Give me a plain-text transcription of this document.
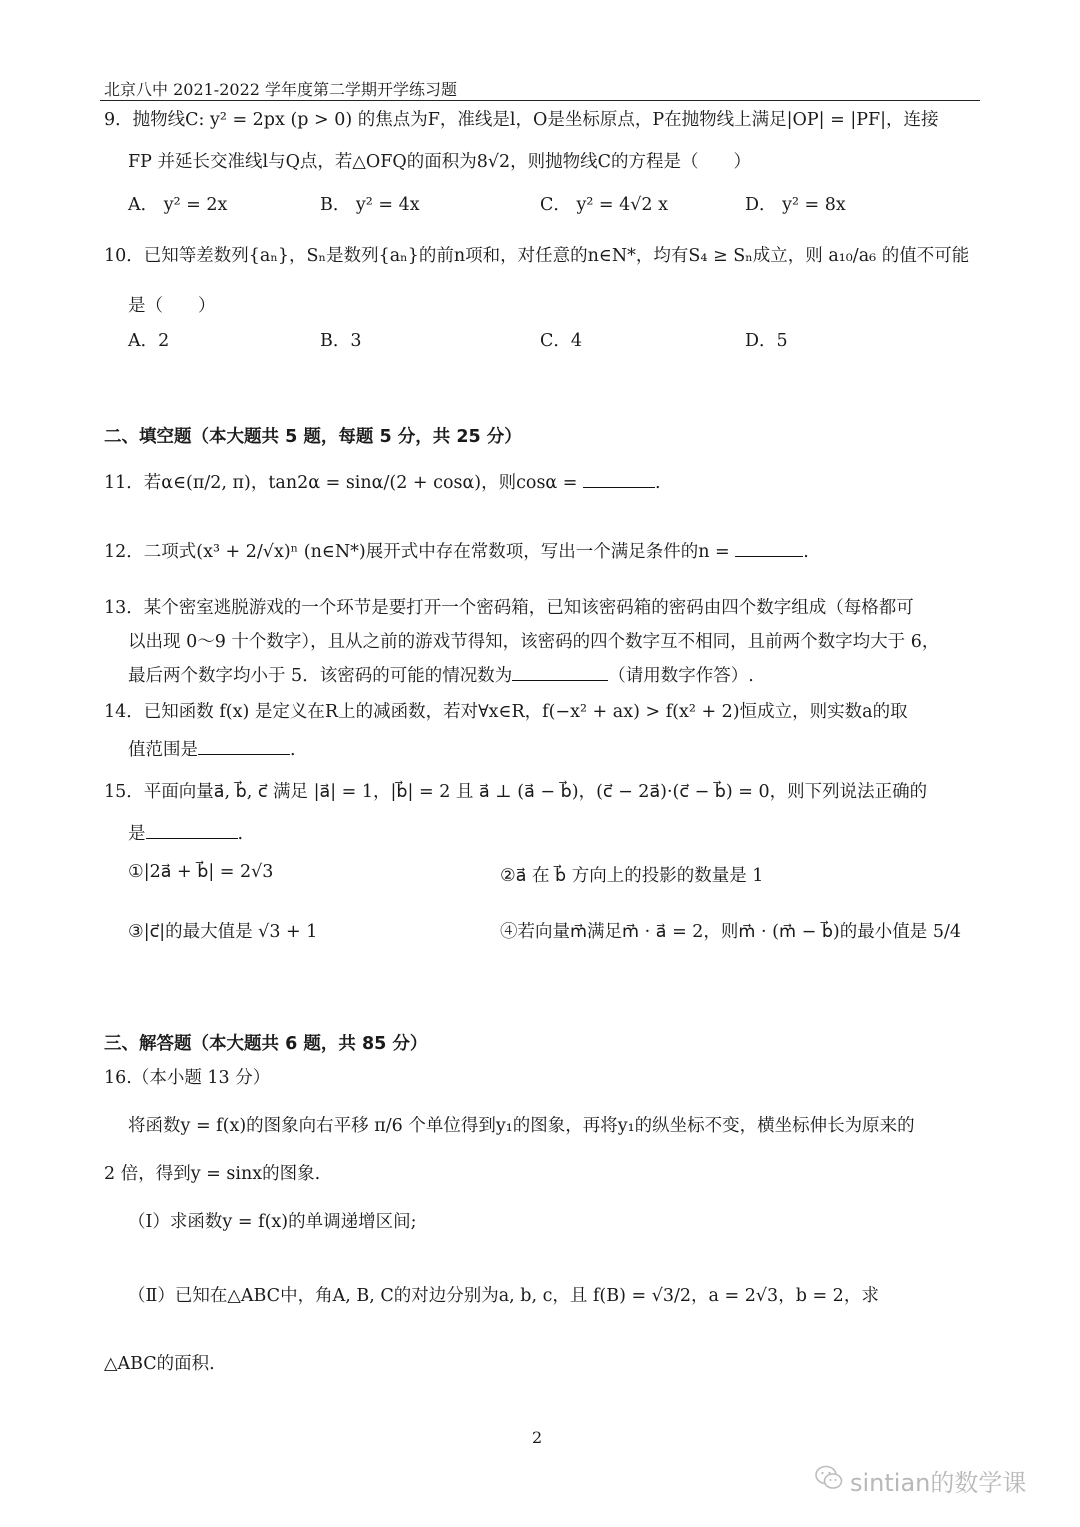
北京八中 2021-2022 学年度第二学期开学练习题
9．抛物线C: y² = 2px (p > 0) 的焦点为F，准线是l，O是坐标原点，P在抛物线上满足|OP| = |PF|，连接
FP 并延长交准线l与Q点，若△OFQ的面积为8√2，则抛物线C的方程是（　　）
A． y² = 2x	B． y² = 4x	C． y² = 4√2 x	D． y² = 8x
10．已知等差数列{aₙ}，Sₙ是数列{aₙ}的前n项和，对任意的n∈N*，均有S₄ ≥ Sₙ成立，则 a₁₀/a₆ 的值不可能
是（　　）
A．2	B．3	C．4	D．5
二、填空题（本大题共 5 题，每题 5 分，共 25 分）
11．若α∈(π/2, π)，tan2α = sinα/(2 + cosα)，则cosα =	.
12．二项式(x³ + 2/√x)ⁿ (n∈N*)展开式中存在常数项，写出一个满足条件的n =	.
13．某个密室逃脱游戏的一个环节是要打开一个密码箱，已知该密码箱的密码由四个数字组成（每格都可
以出现 0～9 十个数字），且从之前的游戏节得知，该密码的四个数字互不相同，且前两个数字均大于 6，
最后两个数字均小于 5．该密码的可能的情况数为	（请用数字作答）.
14．已知函数 f(x) 是定义在R上的减函数，若对∀x∈R，f(−x² + ax) > f(x² + 2)恒成立，则实数a的取
值范围是	.
15．平面向量a⃗, b⃗, c⃗ 满足 |a⃗| = 1，|b⃗| = 2 且 a⃗ ⊥ (a⃗ − b⃗)，(c⃗ − 2a⃗)·(c⃗ − b⃗) = 0，则下列说法正确的
是	.
①|2a⃗ + b⃗| = 2√3	②a⃗ 在 b⃗ 方向上的投影的数量是 1
③|c⃗|的最大值是 √3 + 1	④若向量m⃗满足m⃗ · a⃗ = 2，则m⃗ · (m⃗ − b⃗)的最小值是 5/4
三、解答题（本大题共 6 题，共 85 分）
16.（本小题 13 分）
将函数y = f(x)的图象向右平移 π/6 个单位得到y₁的图象，再将y₁的纵坐标不变，横坐标伸长为原来的
2 倍，得到y = sinx的图象.
（Ⅰ）求函数y = f(x)的单调递增区间;
（Ⅱ）已知在△ABC中，角A, B, C的对边分别为a, b, c，且 f(B) = √3/2，a = 2√3，b = 2，求
△ABC的面积.
2
sintian的数学课
